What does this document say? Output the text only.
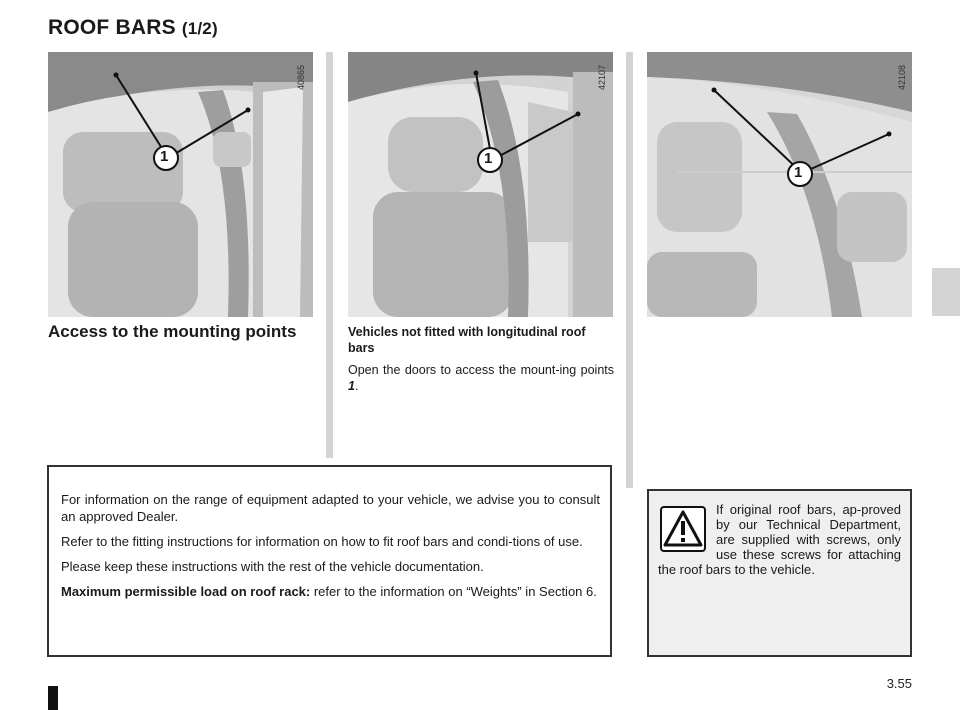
ROOF BARS (1/2)
1
40865
1
42107
1
42108
Access to the mounting points	Vehicles not fitted with longitudinal roof bars
Open the doors to access the mount-ing points 1.

For information on the range of equipment adapted to your vehicle, we advise you to consult an approved Dealer.

Refer to the fitting instructions for information on how to fit roof bars and condi-tions of use.

Please keep these instructions with the rest of the vehicle documentation.

Maximum permissible load on roof rack: refer to the information on “Weights” in Section 6.

If original roof bars, ap-proved by our Technical Department, are supplied with screws, only use these screws for attaching the roof bars to the vehicle.

3.55
